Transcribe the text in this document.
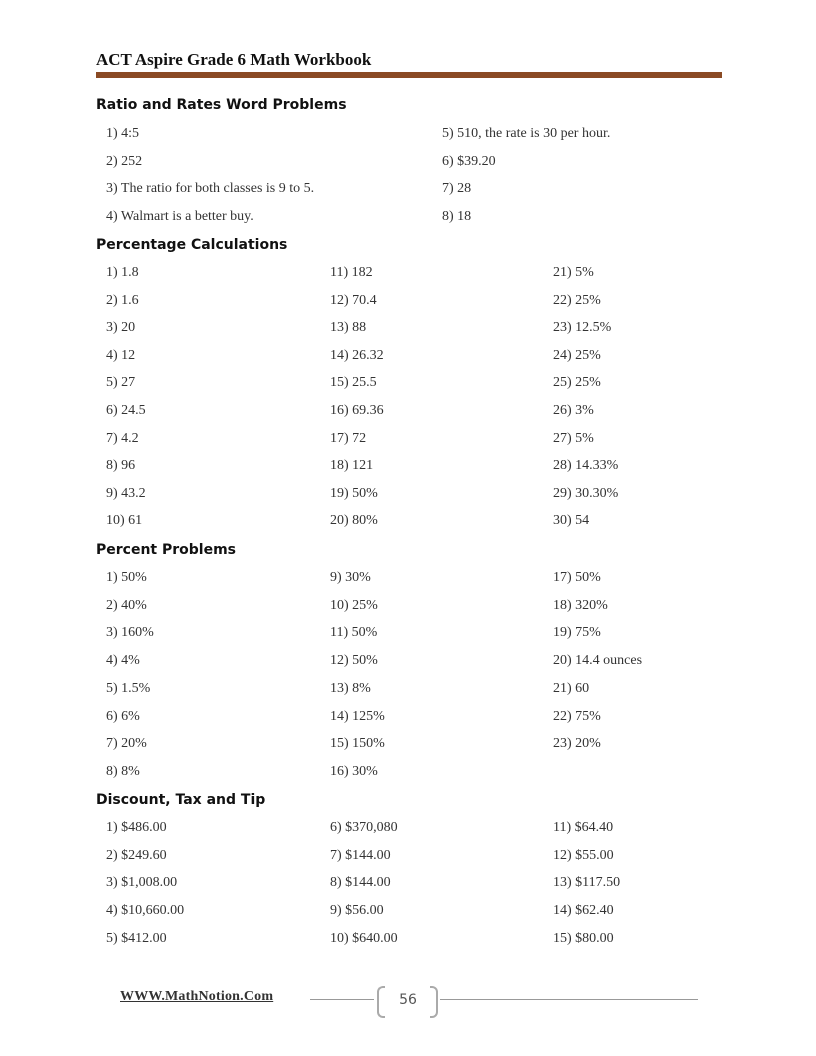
ACT Aspire Grade 6 Math Workbook
Ratio and Rates Word Problems
1) 4:5
2) 252
3) The ratio for both classes is 9 to 5.
4) Walmart is a better buy.
5) 510, the rate is 30 per hour.
6) $39.20
7) 28
8) 18
Percentage Calculations
1) 1.8
2) 1.6
3) 20
4) 12
5) 27
6) 24.5
7) 4.2
8) 96
9) 43.2
10) 61
11) 182
12) 70.4
13) 88
14) 26.32
15) 25.5
16) 69.36
17) 72
18) 121
19) 50%
20) 80%
21) 5%
22) 25%
23) 12.5%
24) 25%
25) 25%
26) 3%
27) 5%
28) 14.33%
29) 30.30%
30) 54
Percent Problems
1) 50%
2) 40%
3) 160%
4) 4%
5) 1.5%
6) 6%
7) 20%
8) 8%
9) 30%
10) 25%
11) 50%
12) 50%
13) 8%
14) 125%
15) 150%
16) 30%
17) 50%
18) 320%
19) 75%
20) 14.4 ounces
21) 60
22) 75%
23) 20%
Discount, Tax and Tip
1) $486.00
2) $249.60
3) $1,008.00
4) $10,660.00
5) $412.00
6) $370,080
7) $144.00
8) $144.00
9) $56.00
10) $640.00
11) $64.40
12) $55.00
13) $117.50
14) $62.40
15) $80.00
WWW.MathNotion.Com	56
